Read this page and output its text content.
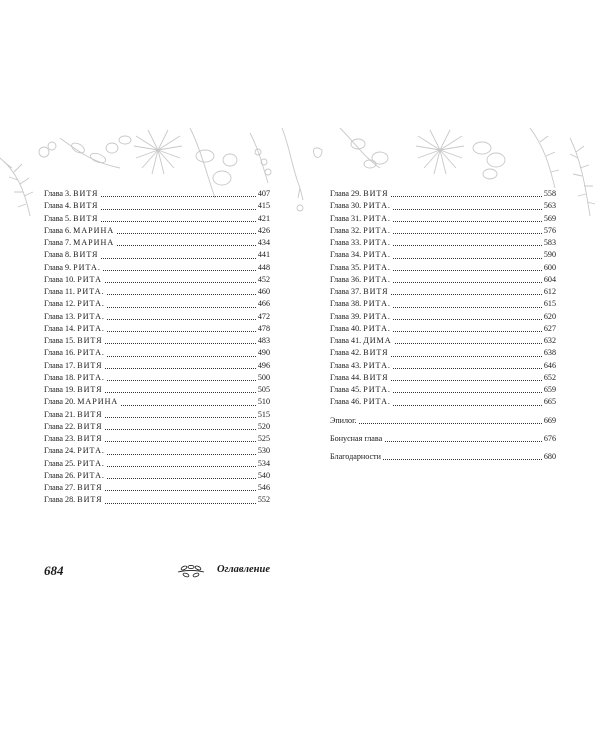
Глава 3. ВИТЯ	407
Глава 4. ВИТЯ	415
Глава 5. ВИТЯ	421
Глава 6. МАРИНА	426
Глава 7. МАРИНА	434
Глава 8. ВИТЯ	441
Глава 9. РИТА.	448
Глава 10. РИТА	452
Глава 11. РИТА.	460
Глава 12. РИТА.	466
Глава 13. РИТА.	472
Глава 14. РИТА.	478
Глава 15. ВИТЯ	483
Глава 16. РИТА.	490
Глава 17. ВИТЯ	496
Глава 18. РИТА.	500
Глава 19. ВИТЯ	505
Глава 20. МАРИНА	510
Глава 21. ВИТЯ	515
Глава 22. ВИТЯ	520
Глава 23. ВИТЯ	525
Глава 24. РИТА.	530
Глава 25. РИТА.	534
Глава 26. РИТА.	540
Глава 27. ВИТЯ	546
Глава 28. ВИТЯ	552
Глава 29. ВИТЯ	558
Глава 30. РИТА.	563
Глава 31. РИТА.	569
Глава 32. РИТА.	576
Глава 33. РИТА.	583
Глава 34. РИТА.	590
Глава 35. РИТА.	600
Глава 36. РИТА.	604
Глава 37. ВИТЯ	612
Глава 38. РИТА.	615
Глава 39. РИТА.	620
Глава 40. РИТА.	627
Глава 41. ДИМА	632
Глава 42. ВИТЯ	638
Глава 43. РИТА.	646
Глава 44. ВИТЯ	652
Глава 45. РИТА.	659
Глава 46. РИТА.	665
Эпилог.	669
Бонусная глава	676
Благодарности	680
684	Оглавление
